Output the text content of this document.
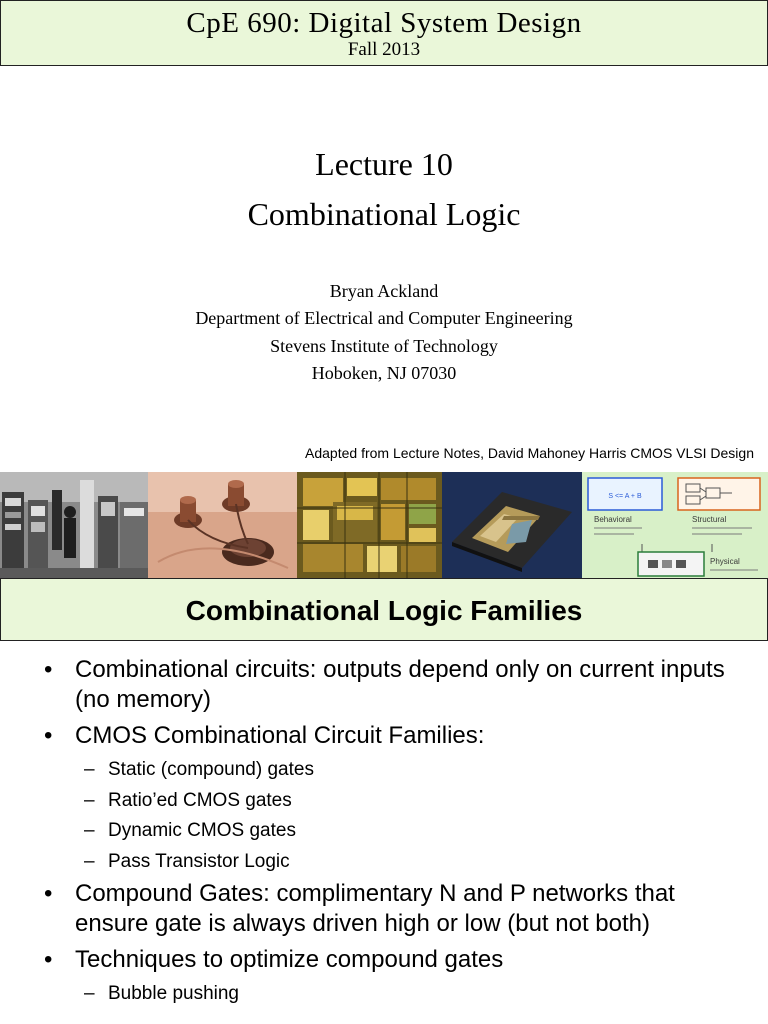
CpE 690: Digital System Design
Fall 2013
Lecture 10
Combinational Logic
Bryan Ackland
Department of Electrical and Computer Engineering
Stevens Institute of Technology
Hoboken, NJ 07030
Adapted from Lecture Notes, David Mahoney Harris CMOS VLSI Design
S <= A + B
Behavioral	Structural
Physical
Combinational Logic Families
• Combinational circuits: outputs depend only on current inputs (no memory)
• CMOS Combinational Circuit Families:
– Static (compound) gates
– Ratio’ed CMOS gates
– Dynamic CMOS gates
– Pass Transistor Logic
• Compound Gates: complimentary N and P networks that ensure gate is always driven high or low (but not both)
• Techniques to optimize compound gates
– Bubble pushing
